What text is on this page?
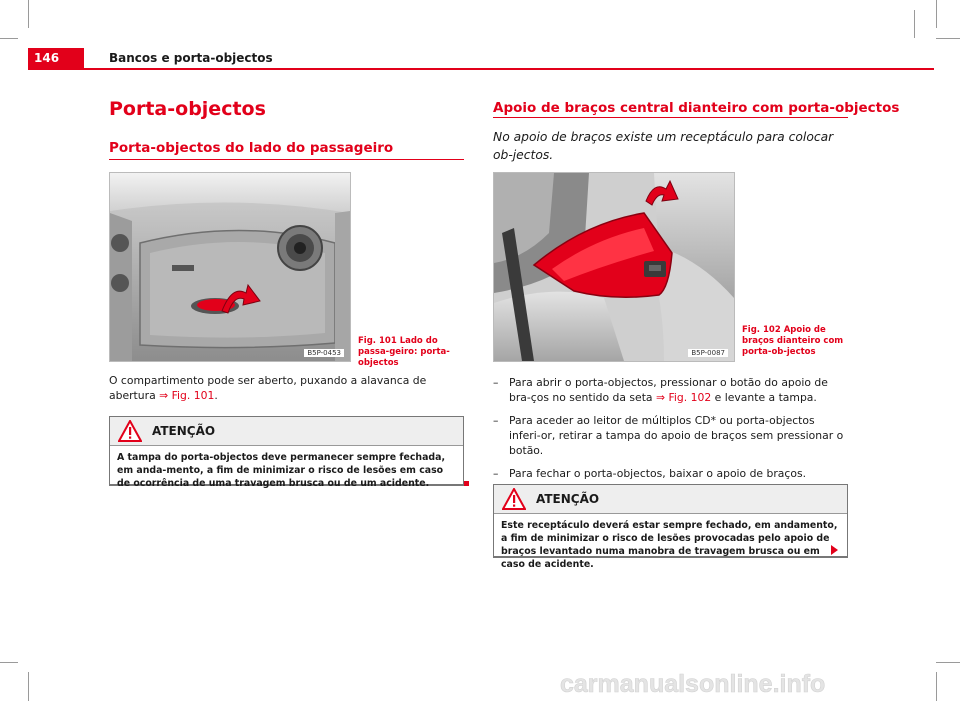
146	Bancos e porta-objectos
Porta-objectos
Porta-objectos do lado do passageiro
B5P-0453
Fig. 101 Lado do passa-geiro: porta-objectos
O compartimento pode ser aberto, puxando a alavanca de abertura ⇒ Fig. 101.
ATENÇÃO
A tampa do porta-objectos deve permanecer sempre fechada, em anda-mento, a fim de minimizar o risco de lesões em caso de ocorrência de uma travagem brusca ou de um acidente.
Apoio de braços central dianteiro com porta-objectos
No apoio de braços existe um receptáculo para colocar ob-jectos.
B5P-0087
Fig. 102 Apoio de braços dianteiro com porta-ob-jectos
– Para abrir o porta-objectos, pressionar o botão do apoio de bra-ços no sentido da seta ⇒ Fig. 102 e levante a tampa.
– Para aceder ao leitor de múltiplos CD* ou porta-objectos inferi-or, retirar a tampa do apoio de braços sem pressionar o botão.
– Para fechar o porta-objectos, baixar o apoio de braços.
ATENÇÃO
Este receptáculo deverá estar sempre fechado, em andamento, a fim de minimizar o risco de lesões provocadas pelo apoio de braços levantado numa manobra de travagem brusca ou em caso de acidente.
carmanualsonline.info
